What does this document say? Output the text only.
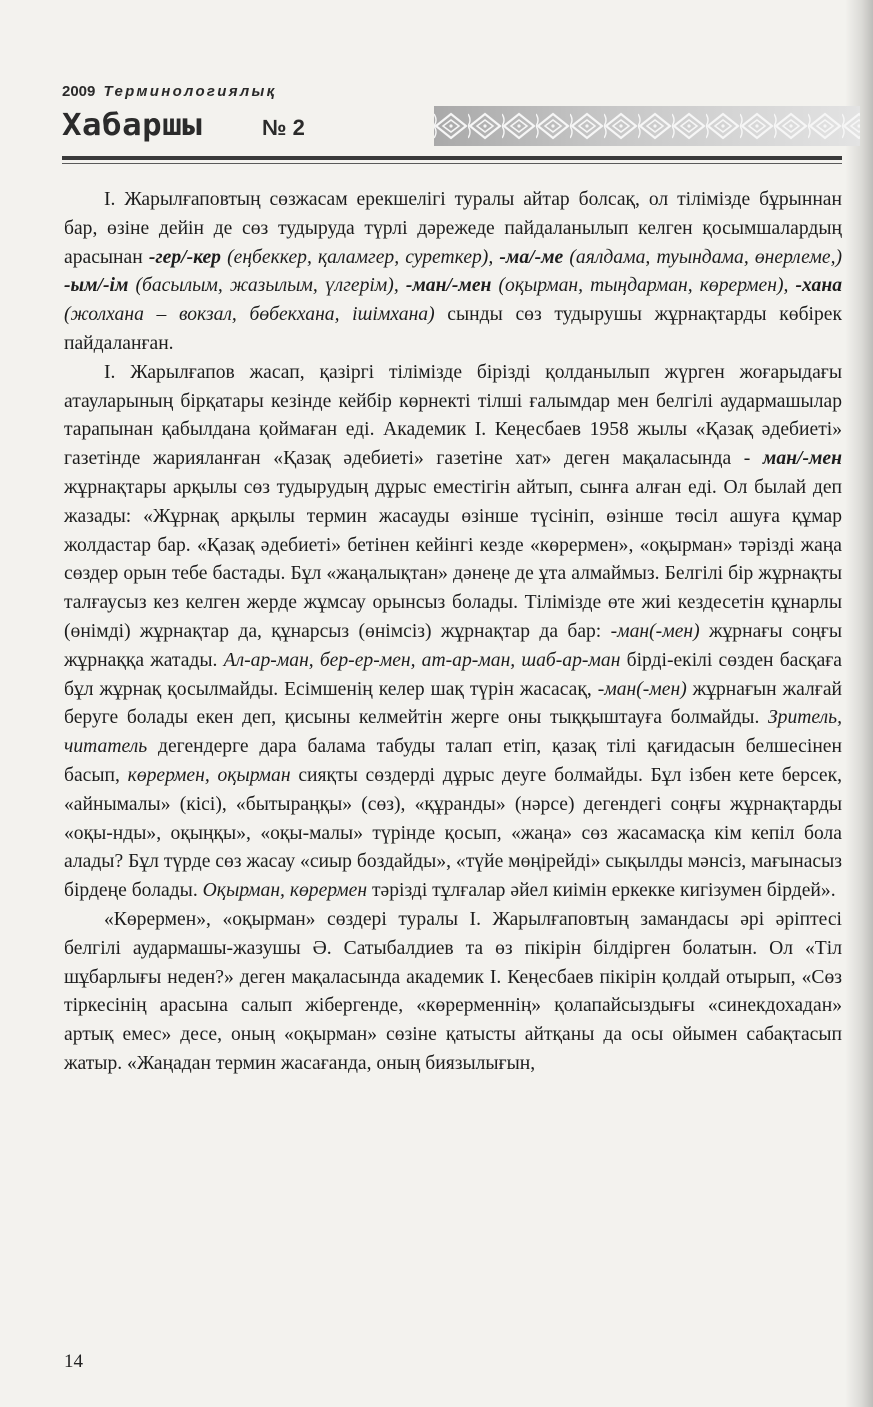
2009 Терминологиялық
Хабаршы	№ 2

І. Жарылғаповтың сөзжасам ерекшелігі туралы айтар болсақ, ол тілімізде бұрыннан бар, өзіне дейін де сөз тудыруда түрлі дәрежеде пайдаланылып келген қосымшалардың арасынан -гер/-кер (еңбеккер, қаламгер, суреткер), -ма/-ме (аялдама, туындама, өнерлеме,) -ым/-ім (басылым, жазылым, үлгерім), -ман/-мен (оқырман, тыңдарман, көрермен), -хана (жолхана – вокзал, бөбекхана, ішімхана) сынды сөз тудырушы жұрнақтарды көбірек пайдаланған.

І. Жарылғапов жасап, қазіргі тілімізде бірізді қолданылып жүрген жоғарыдағы атауларының бірқатары кезінде кейбір көрнекті тілші ғалымдар мен белгілі аудармашылар тарапынан қабылдана қоймаған еді. Академик І. Кеңесбаев 1958 жылы «Қазақ әдебиеті» газетінде жарияланған «Қазақ әдебиеті» газетіне хат» деген мақаласында - ман/-мен жұрнақтары арқылы сөз тудырудың дұрыс еместігін айтып, сынға алған еді. Ол былай деп жазады: «Жұрнақ арқылы термин жасауды өзінше түсініп, өзінше төсіл ашуға құмар жолдастар бар. «Қазақ әдебиеті» бетінен кейінгі кезде «көрермен», «оқырман» тәрізді жаңа сөздер орын тебе бастады. Бұл «жаңалықтан» дәнеңе де ұта алмаймыз. Белгілі бір жұрнақты талғаусыз кез келген жерде жұмсау орынсыз болады. Тілімізде өте жиі кездесетін құнарлы (өнімді) жұрнақтар да, құнарсыз (өнімсіз) жұрнақтар да бар: -ман(-мен) жұрнағы соңғы жұрнаққа жатады. Ал-ар-ман, бер-ер-мен, ат-ар-ман, шаб-ар-ман бірді-екілі сөзден басқаға бұл жұрнақ қосылмайды. Есімшенің келер шақ түрін жасасақ, -ман(-мен) жұрнағын жалғай беруге болады екен деп, қисыны келмейтін жерге оны тыққыштауға болмайды. Зритель, читатель дегендерге дара балама табуды талап етіп, қазақ тілі қағидасын белшесінен басып, көрермен, оқырман сияқты сөздерді дұрыс деуге болмайды. Бұл ізбен кете берсек, «айнымалы» (кісі), «бытыраңқы» (сөз), «құранды» (нәрсе) дегендегі соңғы жұрнақтарды «оқы-нды», оқыңқы», «оқы-малы» түрінде қосып, «жаңа» сөз жасамасқа кім кепіл бола алады? Бұл түрде сөз жасау «сиыр боздайды», «түйе мөңірейді» сықылды мәнсіз, мағынасыз бірдеңе болады. Оқырман, көрермен тәрізді тұлғалар әйел киімін еркекке кигізумен бірдей».

«Көрермен», «оқырман» сөздері туралы І. Жарылғаповтың замандасы әрі әріптесі белгілі аудармашы-жазушы Ә. Сатыбалдиев та өз пікірін білдірген болатын. Ол «Тіл шұбарлығы неден?» деген мақаласында академик І. Кеңесбаев пікірін қолдай отырып, «Сөз тіркесінің арасына салып жібергенде, «көрерменнің» қолапайсыздығы «синекдохадан» артық емес» десе, оның «оқырман» сөзіне қатысты айтқаны да осы ойымен сабақтасып жатыр. «Жаңадан термин жасағанда, оның биязылығын,

14
